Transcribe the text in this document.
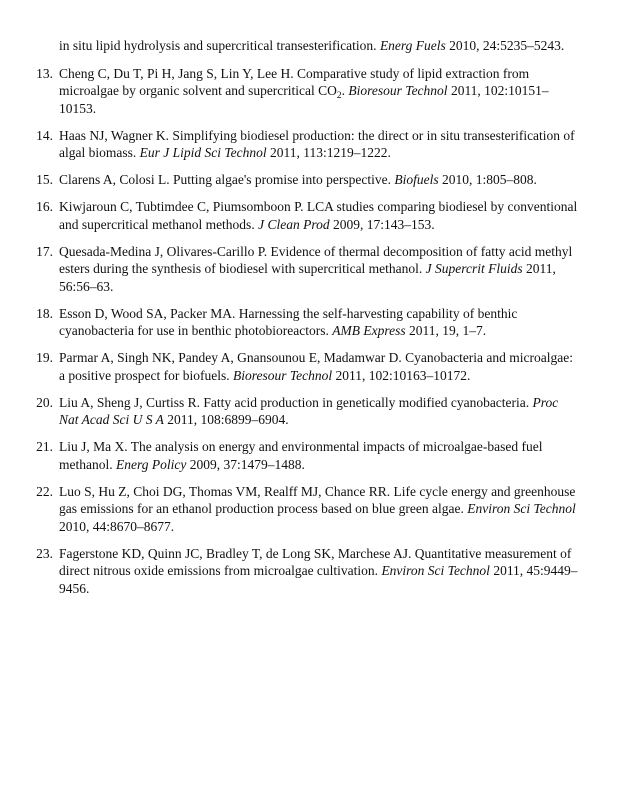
in situ lipid hydrolysis and supercritical transesterification. Energ Fuels 2010, 24:5235–5243.
13. Cheng C, Du T, Pi H, Jang S, Lin Y, Lee H. Comparative study of lipid extraction from microalgae by organic solvent and supercritical $CO_2$. Bioresour Technol 2011, 102:10151–10153.
14. Haas NJ, Wagner K. Simplifying biodiesel production: the direct or in situ transesterification of algal biomass. Eur J Lipid Sci Technol 2011, 113:1219–1222.
15. Clarens A, Colosi L. Putting algae's promise into perspective. Biofuels 2010, 1:805–808.
16. Kiwjaroun C, Tubtimdee C, Piumsomboon P. LCA studies comparing biodiesel by conventional and supercritical methanol methods. J Clean Prod 2009, 17:143–153.
17. Quesada-Medina J, Olivares-Carillo P. Evidence of thermal decomposition of fatty acid methyl esters during the synthesis of biodiesel with supercritical methanol. J Supercrit Fluids 2011, 56:56–63.
18. Esson D, Wood SA, Packer MA. Harnessing the self-harvesting capability of benthic cyanobacteria for use in benthic photobioreactors. AMB Express 2011, 19, 1–7.
19. Parmar A, Singh NK, Pandey A, Gnansounou E, Madamwar D. Cyanobacteria and microalgae: a positive prospect for biofuels. Bioresour Technol 2011, 102:10163–10172.
20. Liu A, Sheng J, Curtiss R. Fatty acid production in genetically modified cyanobacteria. Proc Nat Acad Sci U S A 2011, 108:6899–6904.
21. Liu J, Ma X. The analysis on energy and environmental impacts of microalgae-based fuel methanol. Energ Policy 2009, 37:1479–1488.
22. Luo S, Hu Z, Choi DG, Thomas VM, Realff MJ, Chance RR. Life cycle energy and greenhouse gas emissions for an ethanol production process based on blue green algae. Environ Sci Technol 2010, 44:8670–8677.
23. Fagerstone KD, Quinn JC, Bradley T, de Long SK, Marchese AJ. Quantitative measurement of direct nitrous oxide emissions from microalgae cultivation. Environ Sci Technol 2011, 45:9449–9456.
